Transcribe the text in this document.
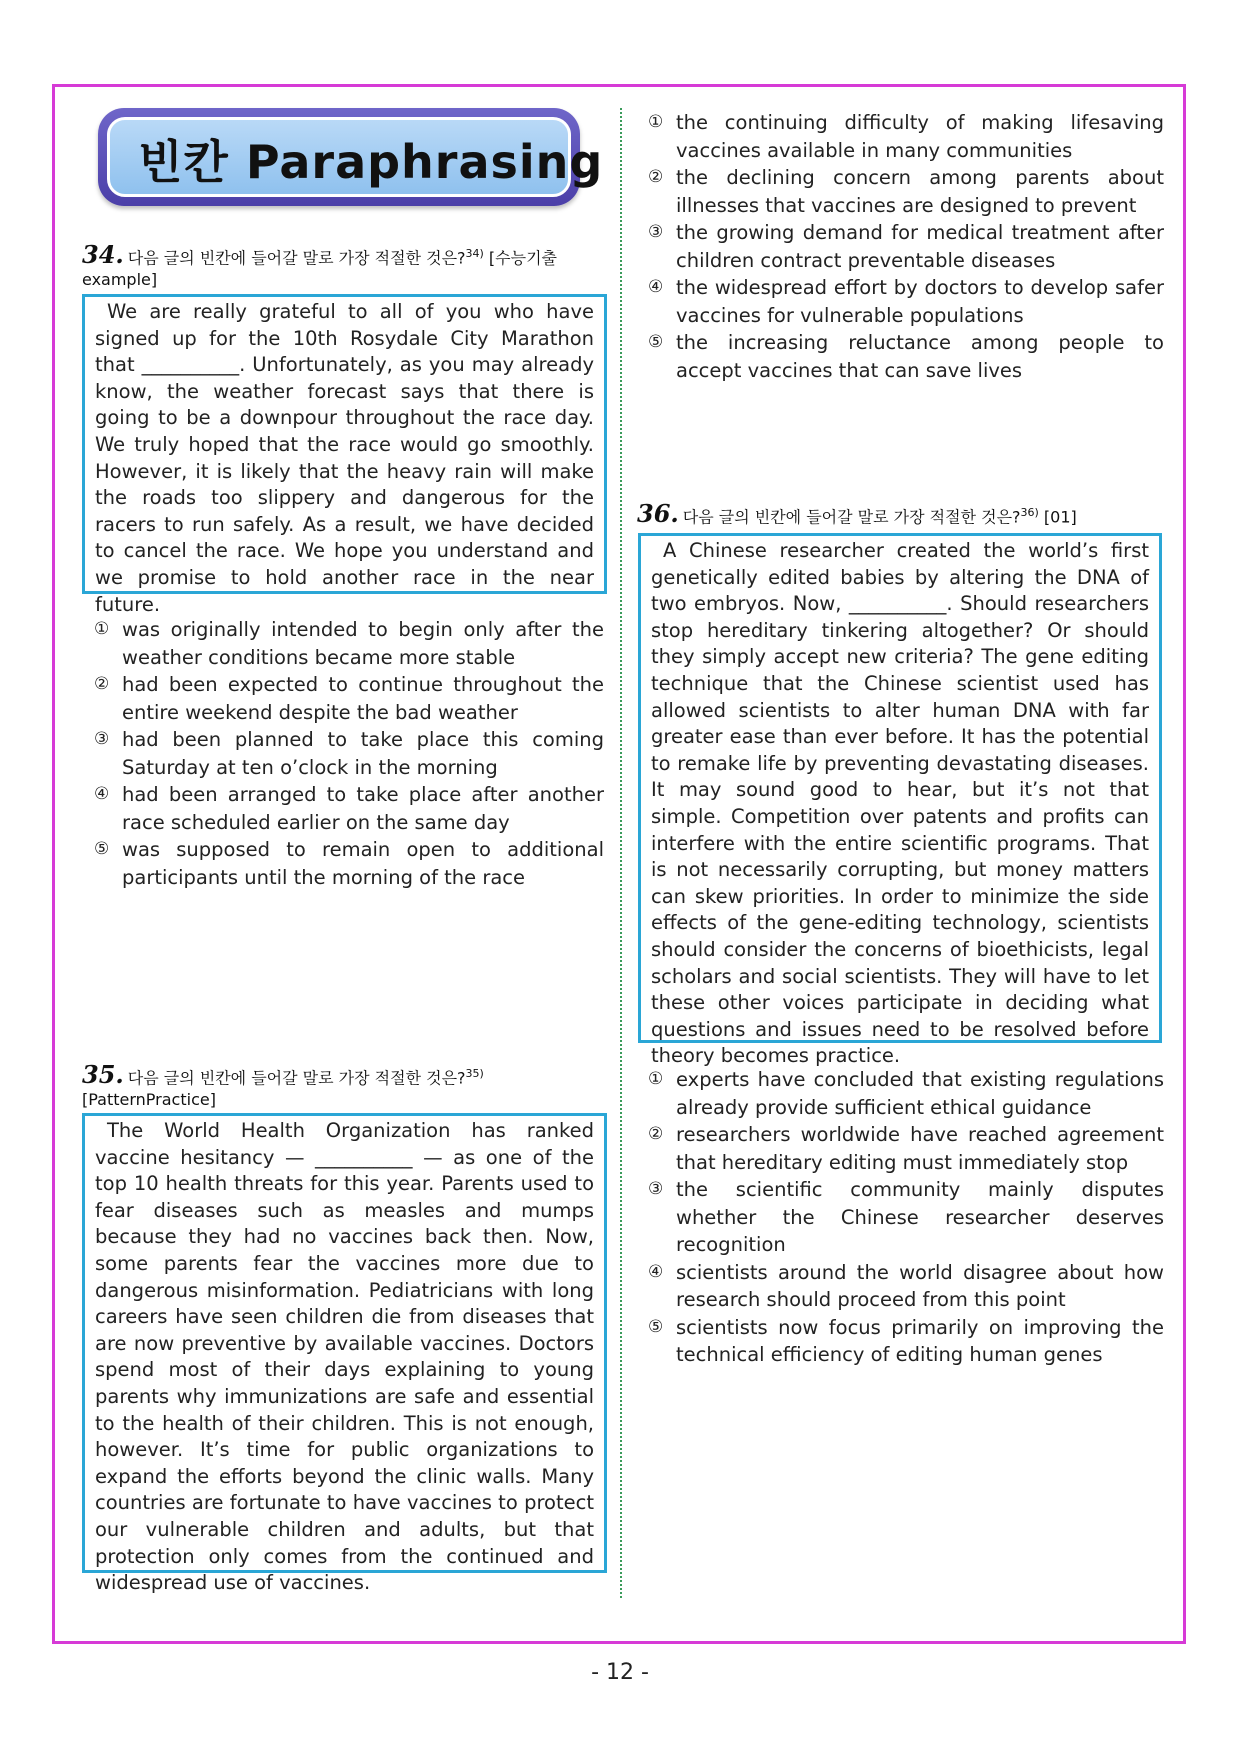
빈칸 Paraphrasing
34. 다음 글의 빈칸에 들어갈 말로 가장 적절한 것은?$^{34)}$ [수능기출 example]

We are really grateful to all of you who have signed up for the 10th Rosydale City Marathon that __________. Unfortunately, as you may already know, the weather forecast says that there is going to be a downpour throughout the race day. We truly hoped that the race would go smoothly. However, it is likely that the heavy rain will make the roads too slippery and dangerous for the racers to run safely. As a result, we have decided to cancel the race. We hope you understand and we promise to hold another race in the near future.

① was originally intended to begin only after the weather conditions became more stable
② had been expected to continue throughout the entire weekend despite the bad weather
③ had been planned to take place this coming Saturday at ten o’clock in the morning
④ had been arranged to take place after another race scheduled earlier on the same day
⑤ was supposed to remain open to additional participants until the morning of the race
35. 다음 글의 빈칸에 들어갈 말로 가장 적절한 것은?$^{35)}$ [PatternPractice]

The World Health Organization has ranked vaccine hesitancy — __________ — as one of the top 10 health threats for this year. Parents used to fear diseases such as measles and mumps because they had no vaccines back then. Now, some parents fear the vaccines more due to dangerous misinformation. Pediatricians with long careers have seen children die from diseases that are now preventive by available vaccines. Doctors spend most of their days explaining to young parents why immunizations are safe and essential to the health of their children. This is not enough, however. It’s time for public organizations to expand the efforts beyond the clinic walls. Many countries are fortunate to have vaccines to protect our vulnerable children and adults, but that protection only comes from the continued and widespread use of vaccines.

① the continuing difficulty of making lifesaving vaccines available in many communities
② the declining concern among parents about illnesses that vaccines are designed to prevent
③ the growing demand for medical treatment after children contract preventable diseases
④ the widespread effort by doctors to develop safer vaccines for vulnerable populations
⑤ the increasing reluctance among people to accept vaccines that can save lives
36. 다음 글의 빈칸에 들어갈 말로 가장 적절한 것은?$^{36)}$ [01]

A Chinese researcher created the world’s first genetically edited babies by altering the DNA of two embryos. Now, __________. Should researchers stop hereditary tinkering altogether? Or should they simply accept new criteria? The gene editing technique that the Chinese scientist used has allowed scientists to alter human DNA with far greater ease than ever before. It has the potential to remake life by preventing devastating diseases. It may sound good to hear, but it’s not that simple. Competition over patents and profits can interfere with the entire scientific programs. That is not necessarily corrupting, but money matters can skew priorities. In order to minimize the side effects of the gene-editing technology, scientists should consider the concerns of bioethicists, legal scholars and social scientists. They will have to let these other voices participate in deciding what questions and issues need to be resolved before theory becomes practice.

① experts have concluded that existing regulations already provide sufficient ethical guidance
② researchers worldwide have reached agreement that hereditary editing must immediately stop
③ the scientific community mainly disputes whether the Chinese researcher deserves recognition
④ scientists around the world disagree about how research should proceed from this point
⑤ scientists now focus primarily on improving the technical efficiency of editing human genes
- 12 -
